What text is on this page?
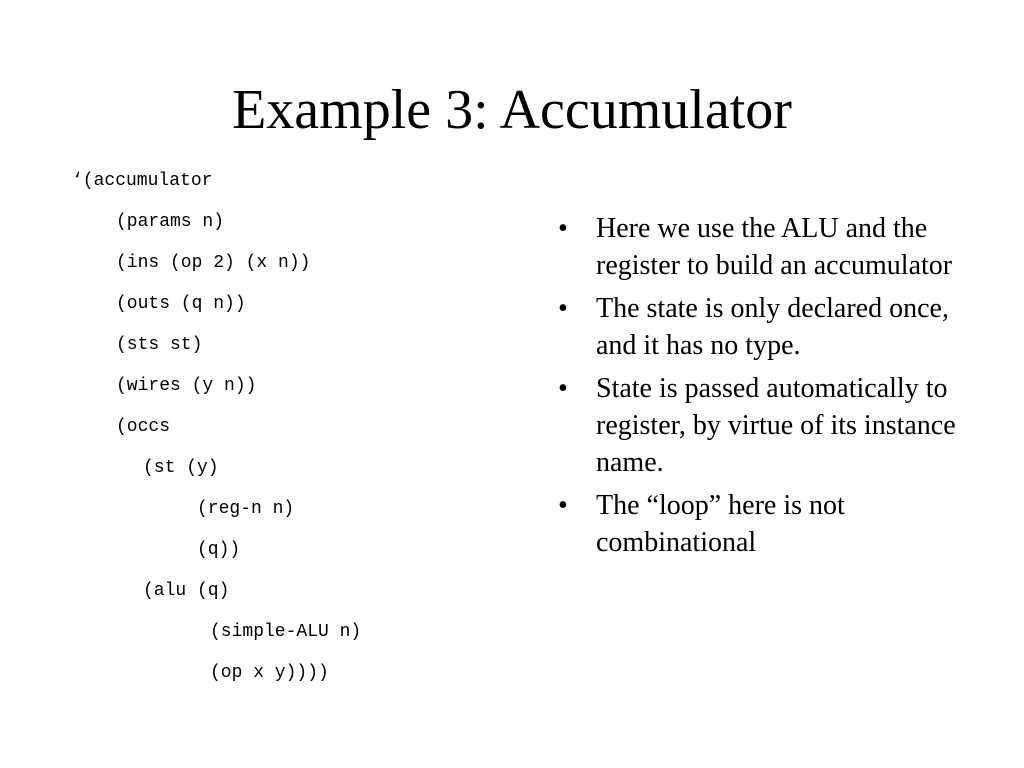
Example 3: Accumulator
‘(accumulator
(params n)
(ins (op 2) (x n))
(outs (q n))
(sts st)
(wires (y n))
(occs
(st (y)
(reg-n n)
(q))
(alu (q)
(simple-ALU n)
(op x y))))
• Here we use the ALU and the register to build an accumulator
• The state is only declared once, and it has no type.
• State is passed automatically to register, by virtue of its instance name.
• The “loop” here is not combinational
